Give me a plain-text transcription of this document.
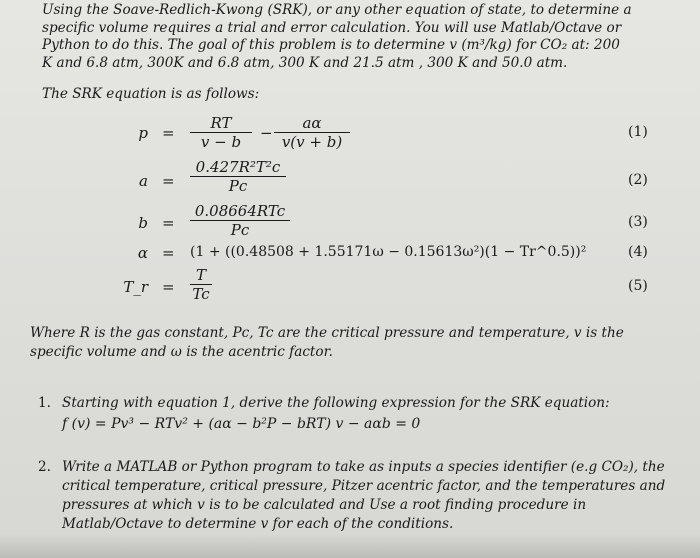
Using the Soave-Redlich-Kwong (SRK), or any other equation of state, to determine a
specific volume requires a trial and error calculation. You will use Matlab/Octave or
Python to do this. The goal of this problem is to determine v (m³/kg) for CO₂ at: 200
K and 6.8 atm, 300K and 6.8 atm, 300 K and 21.5 atm , 300 K and 50.0 atm.
The SRK equation is as follows:
$p = \frac{RT}{v - b} - \frac{a\alpha}{v(v + b)}$	(1)
$a = \frac{\text{0.427R²T²c}}{Pc}$	(2)
b =
0.08664RTc
Pc	(3)
α = (1 + ((0.48508 + 1.55171ω − 0.15613ω²)(1 − Tr^0.5))²	(4)
T_r = $\frac{T}{Tc}$	(5)
Where R is the gas constant, Pc, Tc are the critical pressure and temperature, v is the specific volume and ω is the acentric factor.
1. Starting with equation 1, derive the following expression for the SRK equation:
f (v) = Pv³ − RTv² + (aα − b²P − bRT) v − aαb = 0
2. Write a MATLAB or Python program to take as inputs a species identifier (e.g CO₂), the critical temperature, critical pressure, Pitzer acentric factor, and the temperatures and pressures at which v is to be calculated and Use a root finding procedure in Matlab/Octave to determine v for each of the conditions.
